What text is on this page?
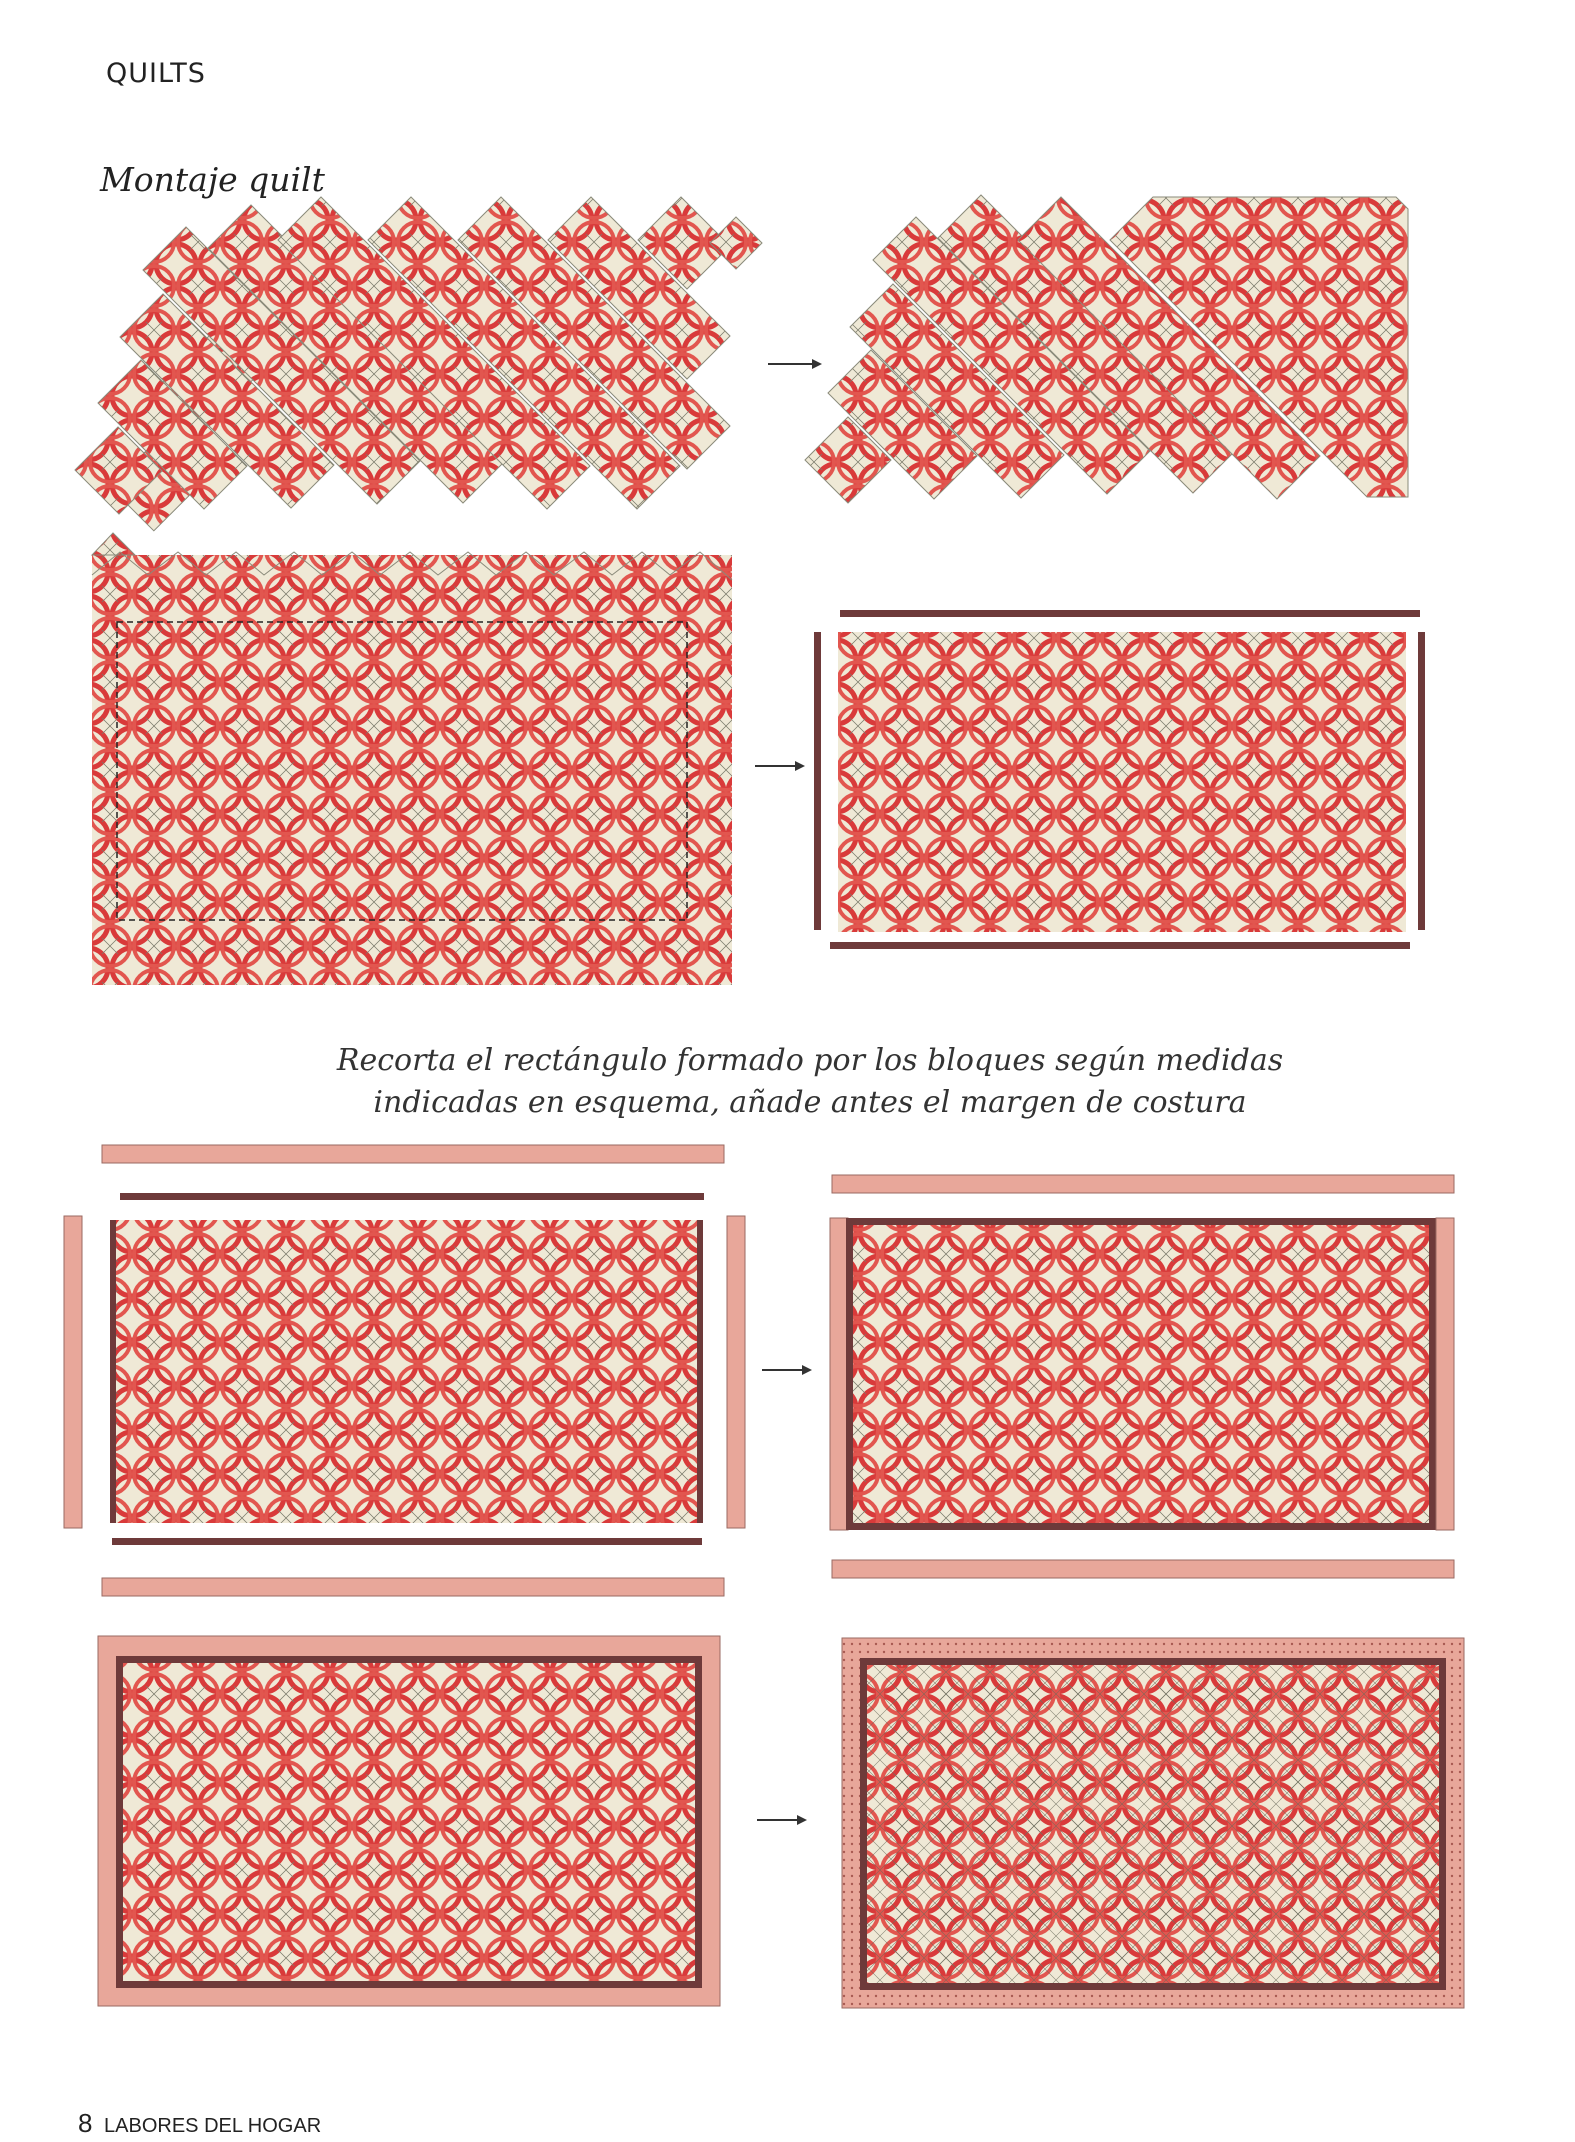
QUILTS
Montaje quilt
Recorta el rectángulo formado por los bloques según medidas
indicadas en esquema, añade antes el margen de costura
8 LABORES DEL HOGAR
